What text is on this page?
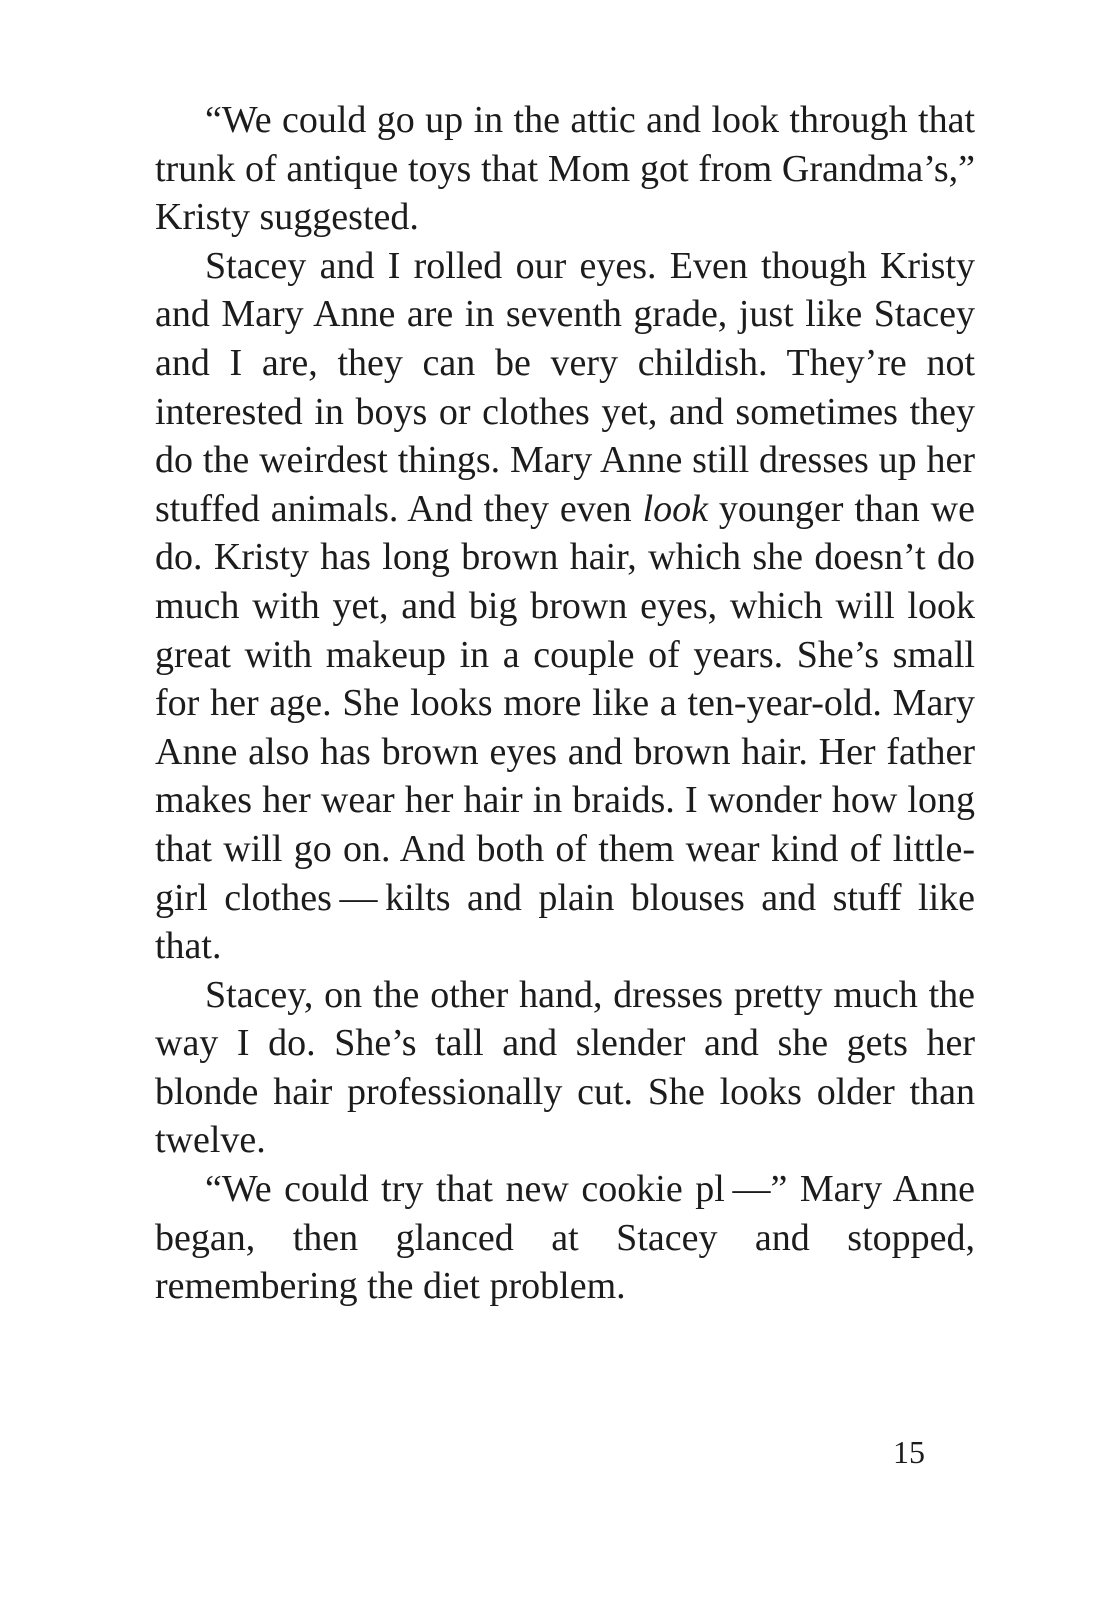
“We could go up in the attic and look through that trunk of antique toys that Mom got from Grandma’s,” Kristy suggested.

Stacey and I rolled our eyes. Even though Kristy and Mary Anne are in seventh grade, just like Stacey and I are, they can be very childish. They’re not interested in boys or clothes yet, and sometimes they do the weirdest things. Mary Anne still dresses up her stuffed animals. And they even look younger than we do. Kristy has long brown hair, which she doesn’t do much with yet, and big brown eyes, which will look great with makeup in a couple of years. She’s small for her age. She looks more like a ten-year-old. Mary Anne also has brown eyes and brown hair. Her father makes her wear her hair in braids. I wonder how long that will go on. And both of them wear kind of little-girl clothes — kilts and plain blouses and stuff like that.

Stacey, on the other hand, dresses pretty much the way I do. She’s tall and slender and she gets her blonde hair professionally cut. She looks older than twelve.

“We could try that new cookie pl —” Mary Anne began, then glanced at Stacey and stopped, remembering the diet problem.

15
